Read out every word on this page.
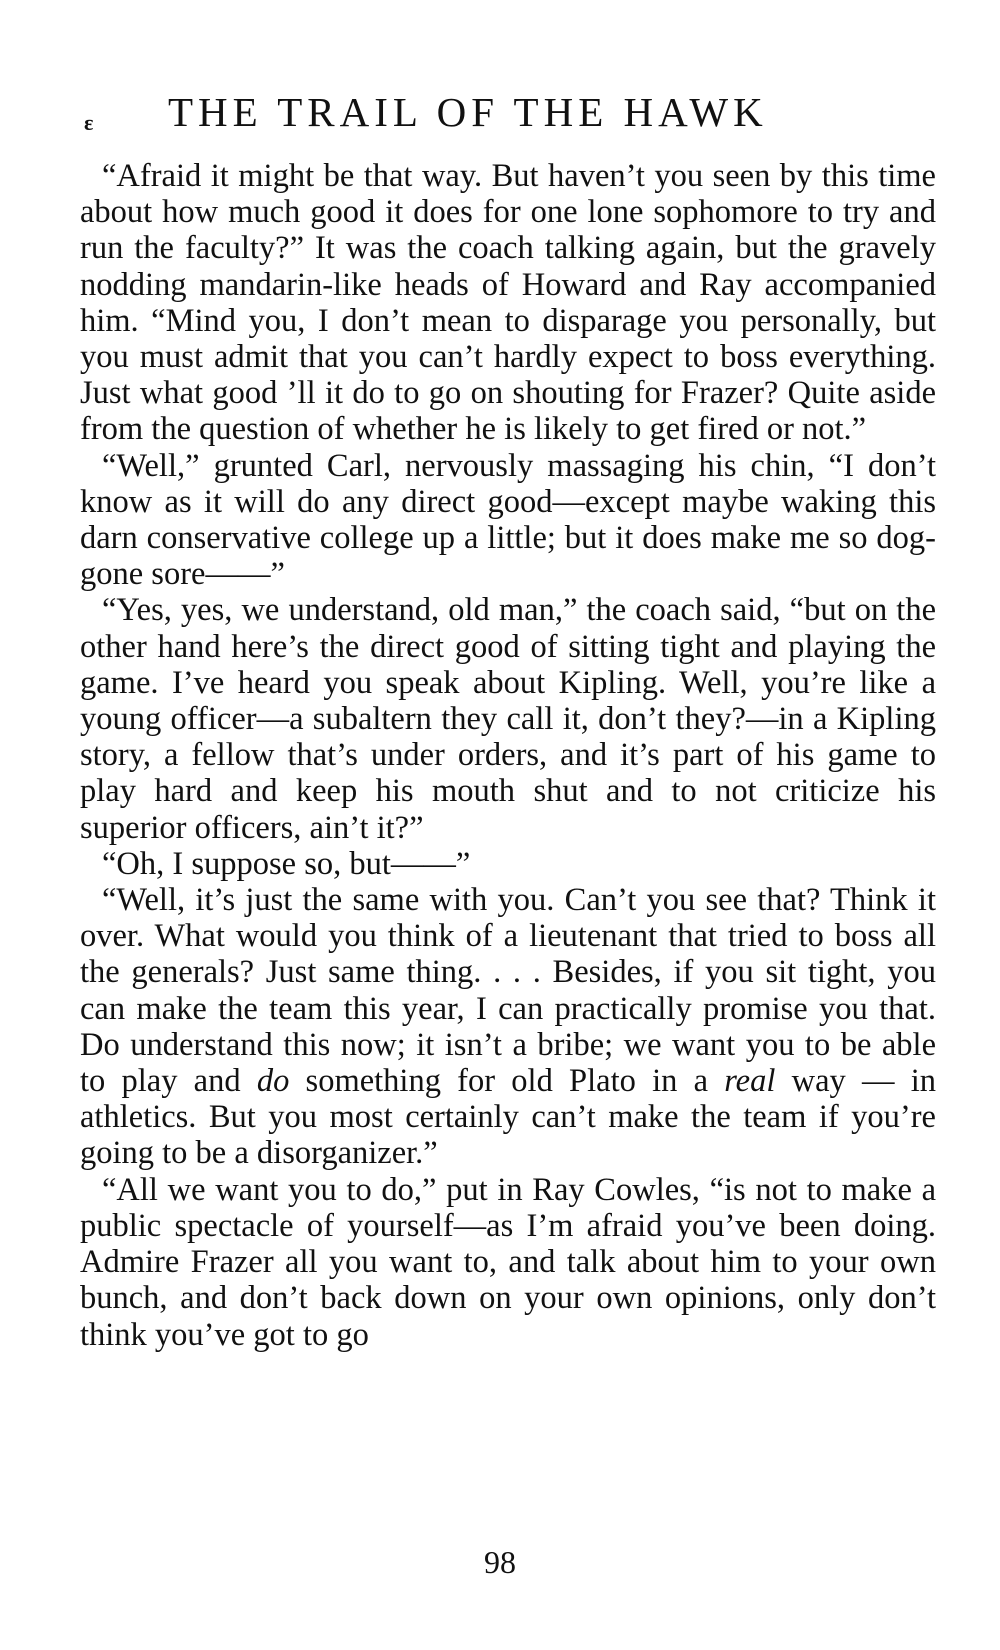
ε THE TRAIL OF THE HAWK

“Afraid it might be that way. But haven’t you seen by this time about how much good it does for one lone sophomore to try and run the faculty?” It was the coach talking again, but the gravely nodding mandarin-like heads of Howard and Ray accompanied him. “Mind you, I don’t mean to disparage you personally, but you must admit that you can’t hardly expect to boss everything. Just what good ’ll it do to go on shouting for Frazer? Quite aside from the question of whether he is likely to get fired or not.”

“Well,” grunted Carl, nervously massaging his chin, “I don’t know as it will do any direct good—except maybe waking this darn conservative college up a little; but it does make me so dog-gone sore——”

“Yes, yes, we understand, old man,” the coach said, “but on the other hand here’s the direct good of sitting tight and playing the game. I’ve heard you speak about Kipling. Well, you’re like a young officer—a subaltern they call it, don’t they?—in a Kipling story, a fellow that’s under orders, and it’s part of his game to play hard and keep his mouth shut and to not criticize his superior officers, ain’t it?”

“Oh, I suppose so, but——”

“Well, it’s just the same with you. Can’t you see that? Think it over. What would you think of a lieutenant that tried to boss all the generals? Just same thing. . . . Besides, if you sit tight, you can make the team this year, I can practically promise you that. Do understand this now; it isn’t a bribe; we want you to be able to play and do something for old Plato in a real way — in athletics. But you most certainly can’t make the team if you’re going to be a disorganizer.”

“All we want you to do,” put in Ray Cowles, “is not to make a public spectacle of yourself—as I’m afraid you’ve been doing. Admire Frazer all you want to, and talk about him to your own bunch, and don’t back down on your own opinions, only don’t think you’ve got to go

98
